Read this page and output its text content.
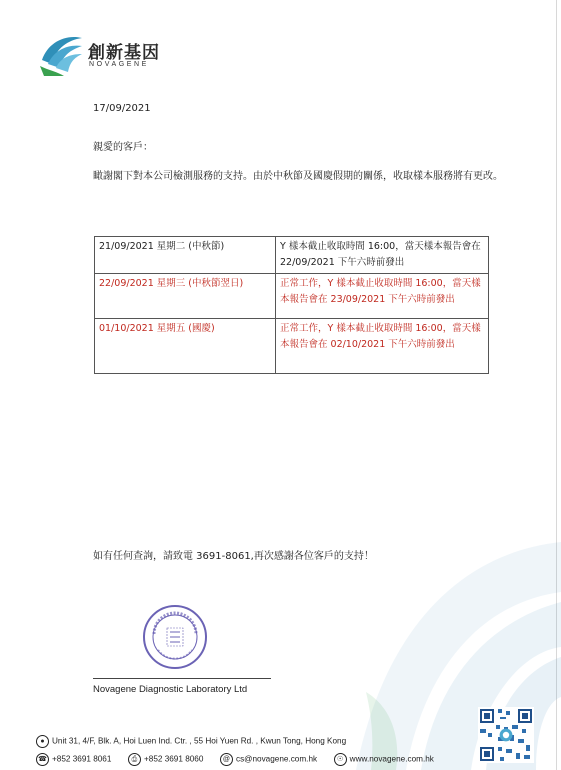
創新基因
NOVAGENE
17/09/2021
親愛的客戶：
瞰謝閣下對本公司檢測服務的支持。由於中秋節及國慶假期的關係，收取樣本服務將有更改。
21/09/2021 星期二 (中秋節)	Y 樣本截止收取時間 16:00，當天樣本報告會在 22/09/2021 下午六時前發出
22/09/2021 星期三 (中秋節翌日)	正常工作，Y 樣本截止收取時間 16:00，當天樣本報告會在 23/09/2021 下午六時前發出
01/10/2021 星期五 (國慶)	正常工作，Y 樣本截止收取時間 16:00，當天樣本報告會在 02/10/2021 下午六時前發出
如有任何查詢，請致電 3691-8061,再次感謝各位客戶的支持！
Novagene Diagnostic Laboratory Ltd
● Unit 31, 4/F, Blk. A, Hoi Luen Ind. Ctr. , 55 Hoi Yuen Rd. , Kwun Tong, Hong Kong
☎ +852 3691 8061	⎙ +852 3691 8060	@ cs@novagene.com.hk	☉ www.novagene.com.hk
